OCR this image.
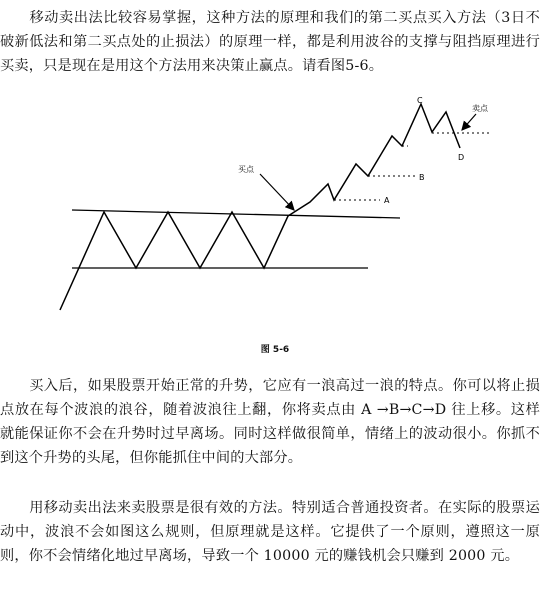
　　移动卖出法比较容易掌握，这种方法的原理和我们的第二买点买入方法（3日不破新低法和第二买点处的止损法）的原理一样，都是利用波谷的支撑与阻挡原理进行买卖，只是现在是用这个方法用来决策止赢点。请看图5-6。
买点
卖点
A
B
C
D
图 5-6
　　买入后，如果股票开始正常的升势，它应有一浪高过一浪的特点。你可以将止损点放在每个波浪的浪谷，随着波浪往上翻，你将卖点由 A →B→C→D 往上移。这样就能保证你不会在升势时过早离场。同时这样做很简单，情绪上的波动很小。你抓不到这个升势的头尾，但你能抓住中间的大部分。
　　用移动卖出法来卖股票是很有效的方法。特别适合普通投资者。在实际的股票运动中，波浪不会如图这么规则，但原理就是这样。它提供了一个原则，遵照这一原则，你不会情绪化地过早离场，导致一个 10000 元的赚钱机会只赚到 2000 元。
